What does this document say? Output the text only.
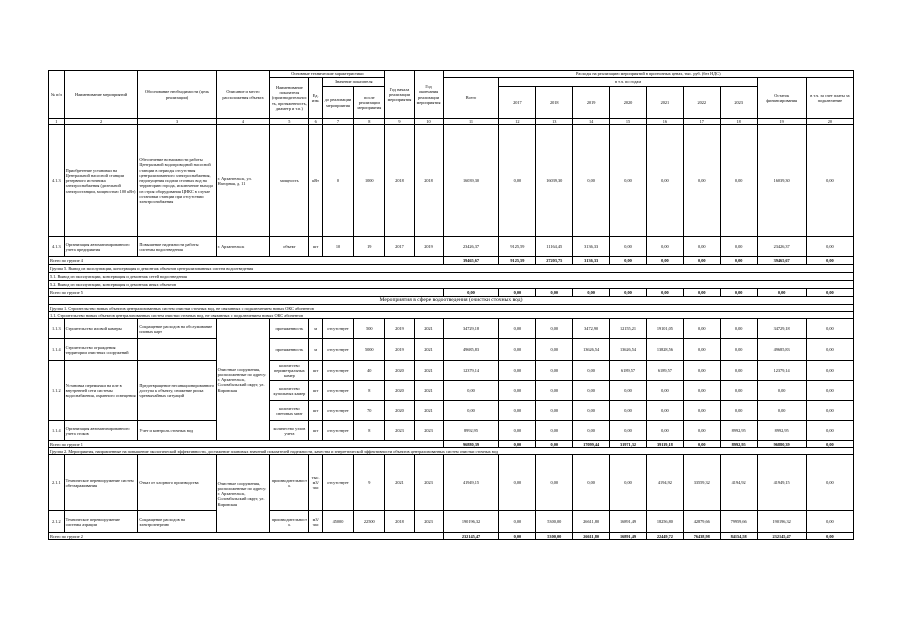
№ п/п	Наименование мероприятий	Обоснование необходимости (цель реализации)	Описание и место расположения объекта	Основные технические характеристики				Год начала реализации мероприятия	Год окончания реализации мероприятия	Расходы на реализацию мероприятий в прогнозных ценах, тыс. руб. (без НДС)									
				Наименование показателя (производительность, протяженность, диаметр и т.п.)	Ед. изм.	Значение показателя				Всего	в т.ч. по годам							Остаток финансирования	в т.ч. за счет платы за подключение
						до реализации мероприятия	после реализации мероприятия				2017	2018	2019	2020	2021	2022	2023		
1	2	3	4	5	6	7	8	9	10	11	12	13	14	15	16	17	18	19	20
4.1.3	Приобретение установки на Центральной насосной станции резервного источника электроснабжения (дизельной электростанции, мощностью 100 кВт)	Обеспечение возможности работы Центральной водопроводной насосной станции в периоды отсутствия централизованного электроснабжения, недопущения подачи сточных вод на территорию города, исключение выхода из строя оборудования ЦНКС в случае остановки станции при отсутствии электроснабжения	г. Архангельск, ул. Нагорная, д. 11	мощность	кВт	0	1000	2018	2018	16039,30	0,00	16039,30	0,00	0,00	0,00	0,00	0,00	16039,30	0,00
4.1.3	Организация автоматизированного учета предприятия	Повышение надежности работы системы водоотведения	г. Архангельск	объект	шт	10	19	2017	2019	23426,37	9125,59	11164,45	3136,33	0,00	0,00	0,00	0,00	23426,37	0,00
Всего по группе 4										39465,67	9125,59	27203,75	3136,33	0,00	0,00	0,00	0,00	39465,67	0,00
Группа 5. Вывод из эксплуатации, консервация и демонтаж объектов централизованных систем водоотведения																			
5.1. Вывод из эксплуатации, консервация и демонтаж сетей водоотведения																			
5.2. Вывод из эксплуатации, консервация и демонтаж иных объектов																			
Всего по группе 5										0,00	0,00	0,00	0,00	0,00	0,00	0,00	0,00	0,00	0,00
Мероприятия в сфере водоотведения (очистки сточных вод)																			
Группа 1. Строительство новых объектов централизованных систем очистки сточных вод, не связанных с подключением новых ОКС абонентов																			
1.1. Строительство новых объектов централизованных систем очистки сточных вод, не связанных с подключением новых ОКС абонентов																			
1.1.3	Строительство иловой камеры	Сокращение расходов на обслуживание иловых карт	Очистные сооружения, расположенные по адресу: г. Архангельск, Соломбальский округ, ул. Кировская	протяженность	м	отсутствует	500	2019	2021	34729,18	0,00	0,00	3472,90	12155,21	19101,05	0,00	0,00	34729,18	0,00
1.1.4	Строительство ограждения территории очистных сооружений			протяженность	м	отсутствует	5000	2019	2021	49685,83	0,00	0,00	13626,54	13626,54	13828,56	0,00	0,00	49685,83	0,00
1.1.2	Установка перемычки на иле в внутренней сети системы водоснабжения, охранного освещения	Предотвращение несанкционированного доступа к объекту, снижение риска чрезвычайных ситуаций		количество периметральных камер	шт	отсутствует	40	2020	2021	12379,14	0,00	0,00	0,00	6189,57	6189,57	0,00	0,00	12379,14	0,00
				количество купольных камер	шт	отсутствует	8	2020	2021	0,00	0,00	0,00	0,00	0,00	0,00	0,00	0,00	0,00	0,00
				количество световых мачт	шт	отсутствует	70	2020	2021	0,00	0,00	0,00	0,00	0,00	0,00	0,00	0,00	0,00	0,00
1.1.4	Организация автоматизированного учета стоков	Учет и контроль сточных вод		количество узлов учета	шт	отсутствует	8	2023	2023	8992,95	0,00	0,00	0,00	0,00	0,00	0,00	8992,95	8992,95	0,00
Всего по группе 1										96880,39	0,00	0,00	17099,44	31971,32	39119,18	0,00	8992,95	96880,39	0,00
Группа 2. Мероприятия, направленные на повышение экологической эффективности, достижение плановых значений показателей надежности, качества и энергетической эффективности объектов централизованных систем очистки сточных вод																			
2.1.1	Техническое перевооружение систем обеззараживания	Отказ от хлорного производства	Очистные сооружения, расположенные по адресу: г. Архангельск, Соломбальский округ, ул. Кировская	производительность	тыс.м3/ час	отсутствует	9	2021	2023	41949,15	0,00	0,00	0,00	0,00	4194,92	33559,32	4194,92	41949,15	0,00
2.1.2	Техническое перевооружение системы аэрации	Сокращение расходов на электроэнергию		производительность	м3/час	45000	22500	2018	2023	190196,32	0,00	5300,00	26611,80	16891,49	18256,80	42879,66	79959,66	190196,32	0,00
Всего по группе 2										232145,47	0,00	5300,00	26611,80	16891,49	22449,72	76438,98	84154,58	232145,47	0,00
